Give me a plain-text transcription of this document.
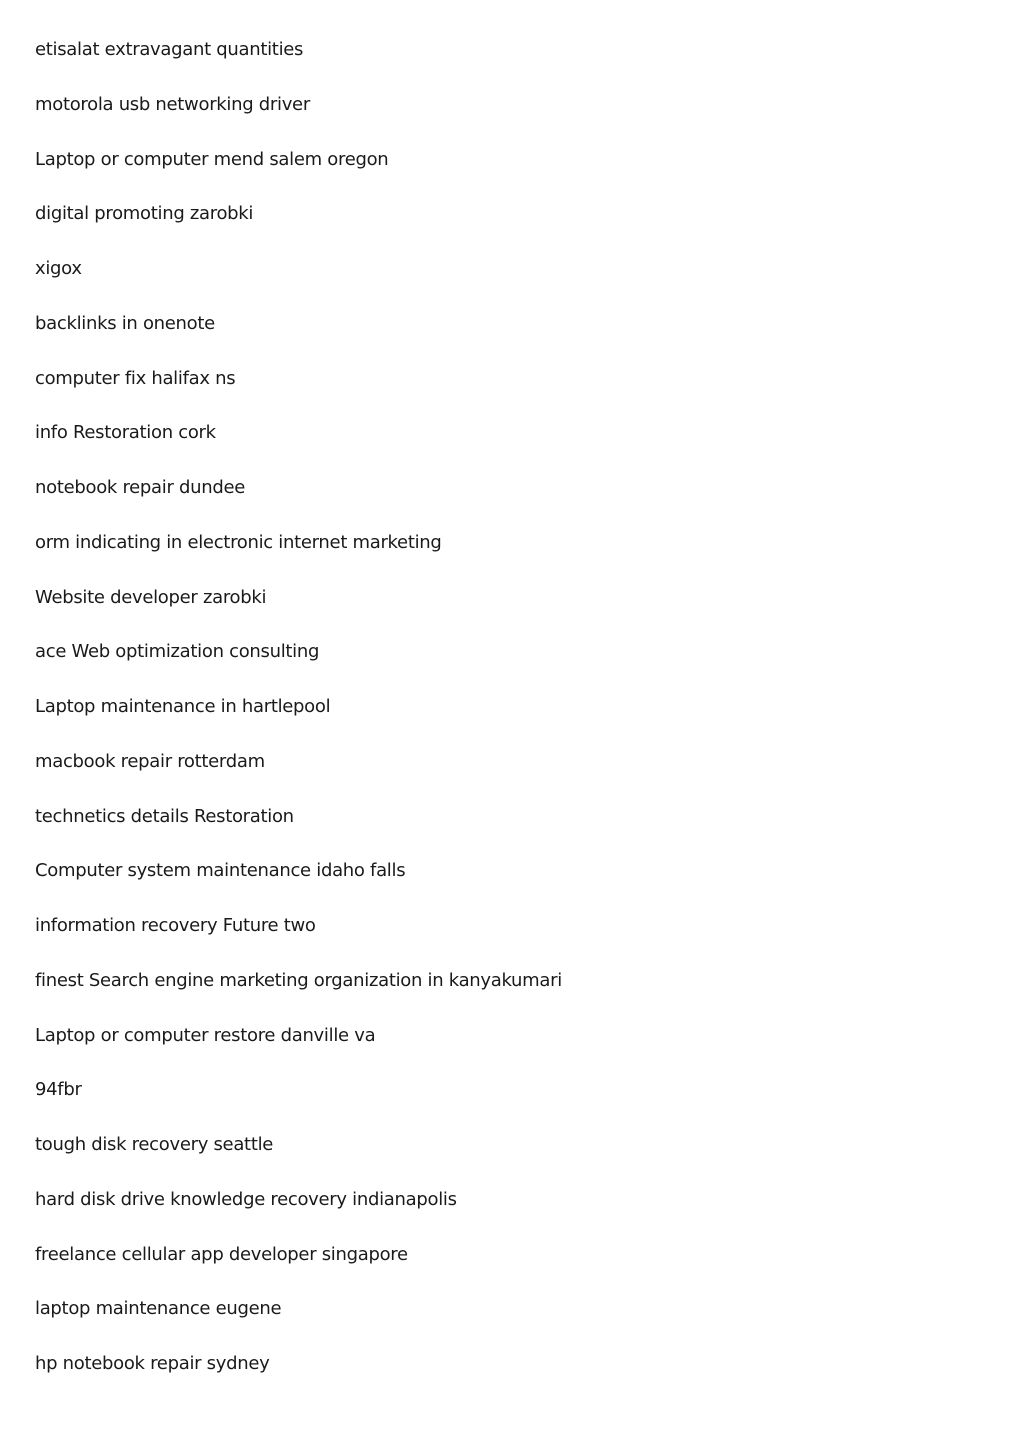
etisalat extravagant quantities
motorola usb networking driver
Laptop or computer mend salem oregon
digital promoting zarobki
xigox
backlinks in onenote
computer fix halifax ns
info Restoration cork
notebook repair dundee
orm indicating in electronic internet marketing
Website developer zarobki
ace Web optimization consulting
Laptop maintenance in hartlepool
macbook repair rotterdam
technetics details Restoration
Computer system maintenance idaho falls
information recovery Future two
finest Search engine marketing organization in kanyakumari
Laptop or computer restore danville va
94fbr
tough disk recovery seattle
hard disk drive knowledge recovery indianapolis
freelance cellular app developer singapore
laptop maintenance eugene
hp notebook repair sydney
